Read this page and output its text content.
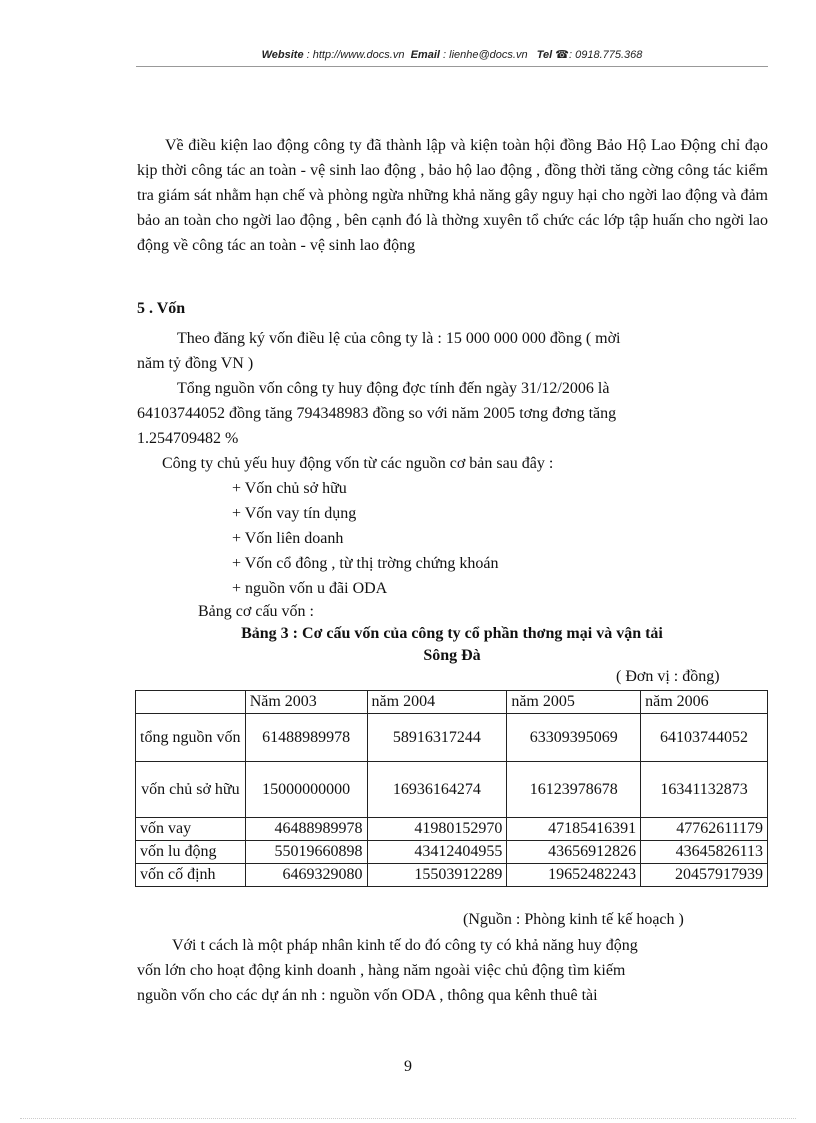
Website : http://www.docs.vn Email : lienhe@docs.vn Tel ☎: 0918.775.368
Về điều kiện lao động công ty đã thành lập và kiện toàn hội đồng Bảo Hộ Lao Động chỉ đạo kịp thời công tác an toàn - vệ sinh lao động , bảo hộ lao động , đồng thời tăng cờng công tác kiểm tra giám sát nhằm hạn chế và phòng ngừa những khả năng gây nguy hại cho ngời lao động và đảm bảo an toàn cho ngời lao động , bên cạnh đó là thờng xuyên tổ chức các lớp tập huấn cho ngời lao động về công tác an toàn - vệ sinh lao động
5 . Vốn
Theo đăng ký vốn điều lệ của công ty là : 15 000 000 000 đồng ( mời
năm tỷ đồng VN )
Tổng nguồn vốn công ty huy động đợc tính đến ngày 31/12/2006 là
64103744052 đồng tăng 794348983 đồng so với năm 2005 tơng đơng tăng
1.254709482 %
Công ty chủ yếu huy động vốn từ các nguồn cơ bản sau đây :
+ Vốn chủ sở hữu
+ Vốn vay tín dụng
+ Vốn liên doanh
+ Vốn cổ đông , từ thị trờng chứng khoán
+ nguồn vốn u đãi ODA
Bảng cơ cấu vốn :
Bảng 3 : Cơ cấu vốn của công ty cổ phần thơng mại và vận tải
Sông Đà
( Đơn vị : đồng)
	Năm 2003	năm 2004	năm 2005	năm 2006
tổng nguồn vốn	61488989978	58916317244	63309395069	64103744052
vốn chủ sở hữu	15000000000	16936164274	16123978678	16341132873
vốn vay	46488989978	41980152970	47185416391	47762611179
vốn lu động	55019660898	43412404955	43656912826	43645826113
vốn cố định	6469329080	15503912289	19652482243	20457917939
(Nguồn : Phòng kinh tế kế hoạch )
Với t cách là một pháp nhân kinh tế do đó công ty có khả năng huy động
vốn lớn cho hoạt động kinh doanh , hàng năm ngoài việc chủ động tìm kiếm
nguồn vốn cho các dự án nh : nguồn vốn ODA , thông qua kênh thuê tài
9
